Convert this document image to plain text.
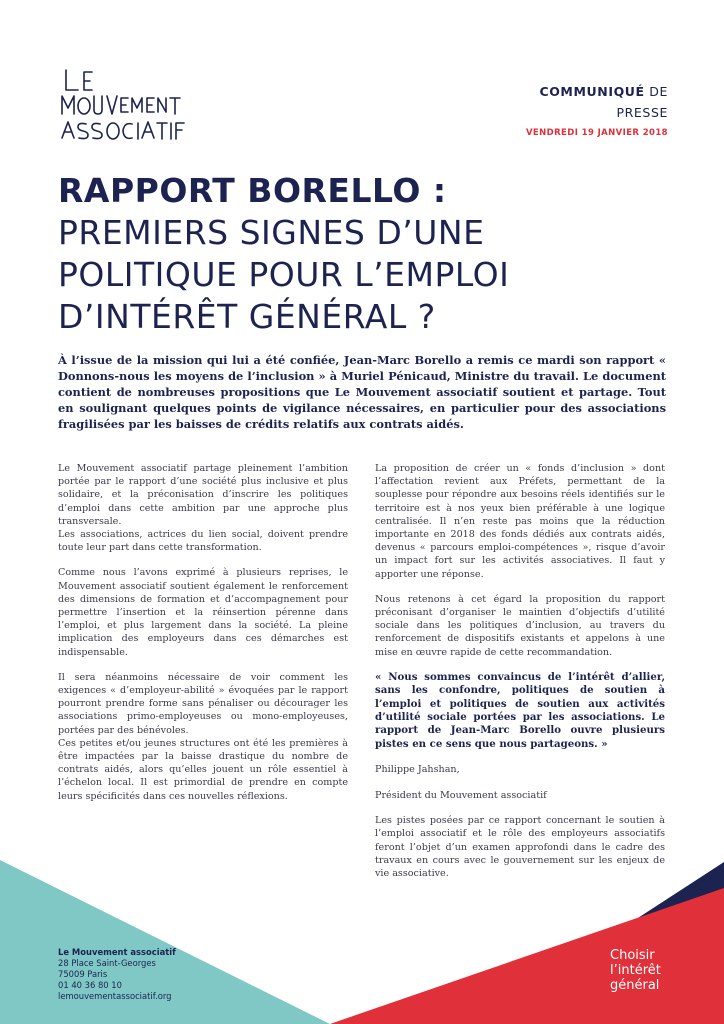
COMMUNIQUÉ DE
PRESSE
VENDREDI 19 JANVIER 2018
RAPPORT BORELLO :
PREMIERS SIGNES D’UNE
POLITIQUE POUR L’EMPLOI
D’INTÉRÊT GÉNÉRAL ?
À l’issue de la mission qui lui a été confiée, Jean-Marc Borello a remis ce mardi son rapport « Donnons-nous les moyens de l’inclusion » à Muriel Pénicaud, Ministre du travail. Le document contient de nombreuses propositions que Le Mouvement associatif soutient et partage. Tout en soulignant quelques points de vigilance nécessaires, en particulier pour des associations fragilisées par les baisses de crédits relatifs aux contrats aidés.

Le Mouvement associatif partage pleinement l’ambition portée par le rapport d’une société plus inclusive et plus solidaire, et la préconisation d’inscrire les politiques d’emploi dans cette ambition par une approche plus transversale.

Les associations, actrices du lien social, doivent prendre toute leur part dans cette transformation.

Comme nous l’avons exprimé à plusieurs reprises, le Mouvement associatif soutient également le renforcement des dimensions de formation et d’accompagnement pour permettre l’insertion et la réinsertion pérenne dans l’emploi, et plus largement dans la société. La pleine implication des employeurs dans ces démarches est indispensable.

Il sera néanmoins nécessaire de voir comment les exigences « d’employeur-abilité » évoquées par le rapport pourront prendre forme sans pénaliser ou décourager les associations primo-employeuses ou mono-employeuses, portées par des bénévoles.

Ces petites et/ou jeunes structures ont été les premières à être impactées par la baisse drastique du nombre de contrats aidés, alors qu’elles jouent un rôle essentiel à l’échelon local. Il est primordial de prendre en compte leurs spécificités dans ces nouvelles réflexions.

La proposition de créer un « fonds d’inclusion » dont l’affectation revient aux Préfets, permettant de la souplesse pour répondre aux besoins réels identifiés sur le territoire est à nos yeux bien préférable à une logique centralisée. Il n’en reste pas moins que la réduction importante en 2018 des fonds dédiés aux contrats aidés, devenus « parcours emploi-compétences », risque d’avoir un impact fort sur les activités associatives. Il faut y apporter une réponse.

Nous retenons à cet égard la proposition du rapport préconisant d’organiser le maintien d’objectifs d’utilité sociale dans les politiques d’inclusion, au travers du renforcement de dispositifs existants et appelons à une mise en œuvre rapide de cette recommandation.

« Nous sommes convaincus de l’intérêt d’allier, sans les confondre, politiques de soutien à l’emploi et politiques de soutien aux activités d’utilité sociale portées par les associations. Le rapport de Jean-Marc Borello ouvre plusieurs pistes en ce sens que nous partageons. »

Philippe Jahshan,

Président du Mouvement associatif

Les pistes posées par ce rapport concernant le soutien à l’emploi associatif et le rôle des employeurs associatifs feront l’objet d’un examen approfondi dans le cadre des travaux en cours avec le gouvernement sur les enjeux de vie associative.

Le Mouvement associatif
28 Place Saint-Georges
75009 Paris
01 40 36 80 10
lemouvementassociatif.org
Choisir
l’intérêt
général
